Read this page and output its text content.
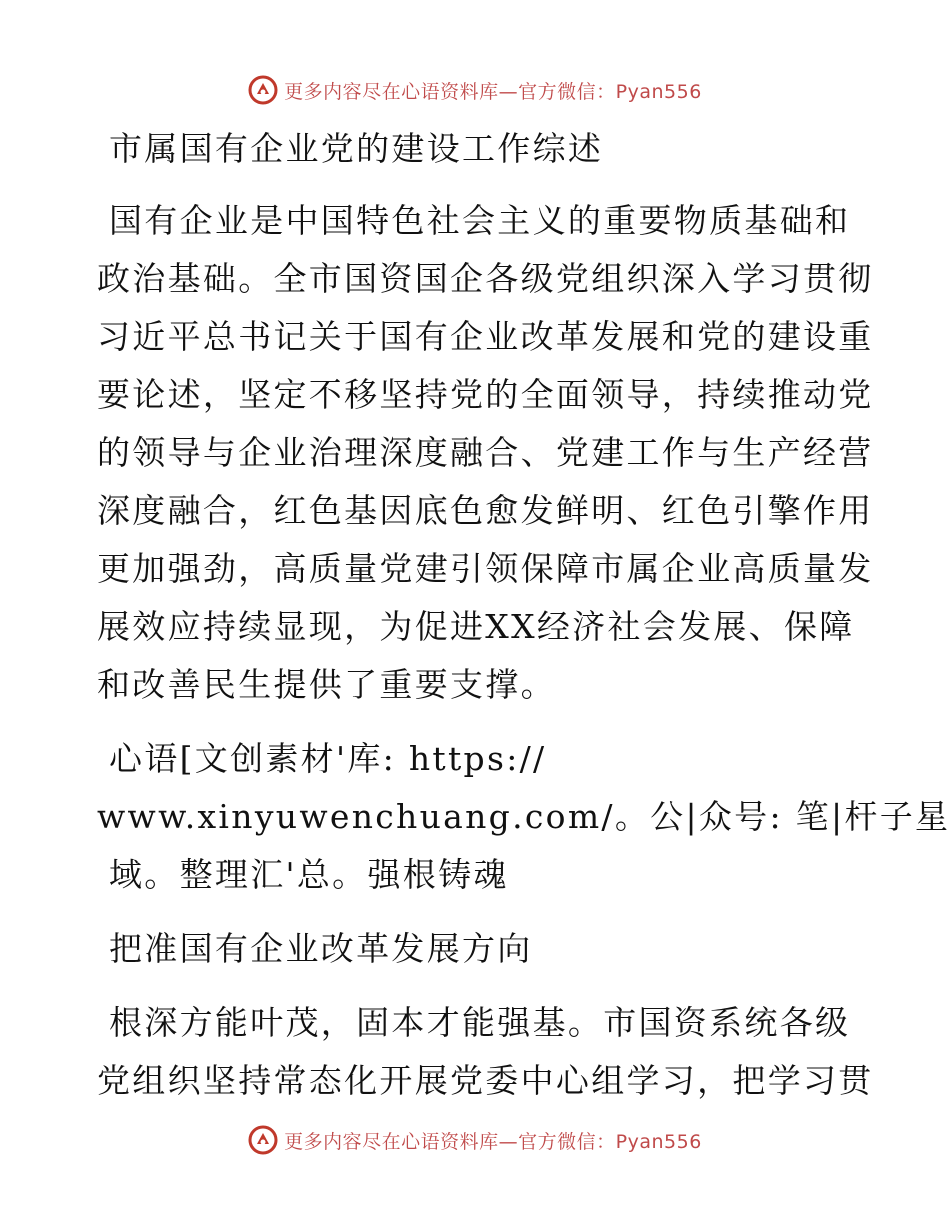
更多内容尽在心语资料库—官方微信：Pyan556
市属国有企业党的建设工作综述
国有企业是中国特色社会主义的重要物质基础和
政治基础。全市国资国企各级党组织深入学习贯彻
习近平总书记关于国有企业改革发展和党的建设重
要论述，坚定不移坚持党的全面领导，持续推动党
的领导与企业治理深度融合、党建工作与生产经营
深度融合，红色基因底色愈发鲜明、红色引擎作用
更加强劲，高质量党建引领保障市属企业高质量发
展效应持续显现，为促进XX经济社会发展、保障
和改善民生提供了重要支撑。
心语[文创素材'库: https://
www.xinyuwenchuang.com/。公|众号: 笔|杆子星
域。整理汇'总。强根铸魂
把准国有企业改革发展方向
根深方能叶茂，固本才能强基。市国资系统各级
党组织坚持常态化开展党委中心组学习，把学习贯
更多内容尽在心语资料库—官方微信：Pyan556
